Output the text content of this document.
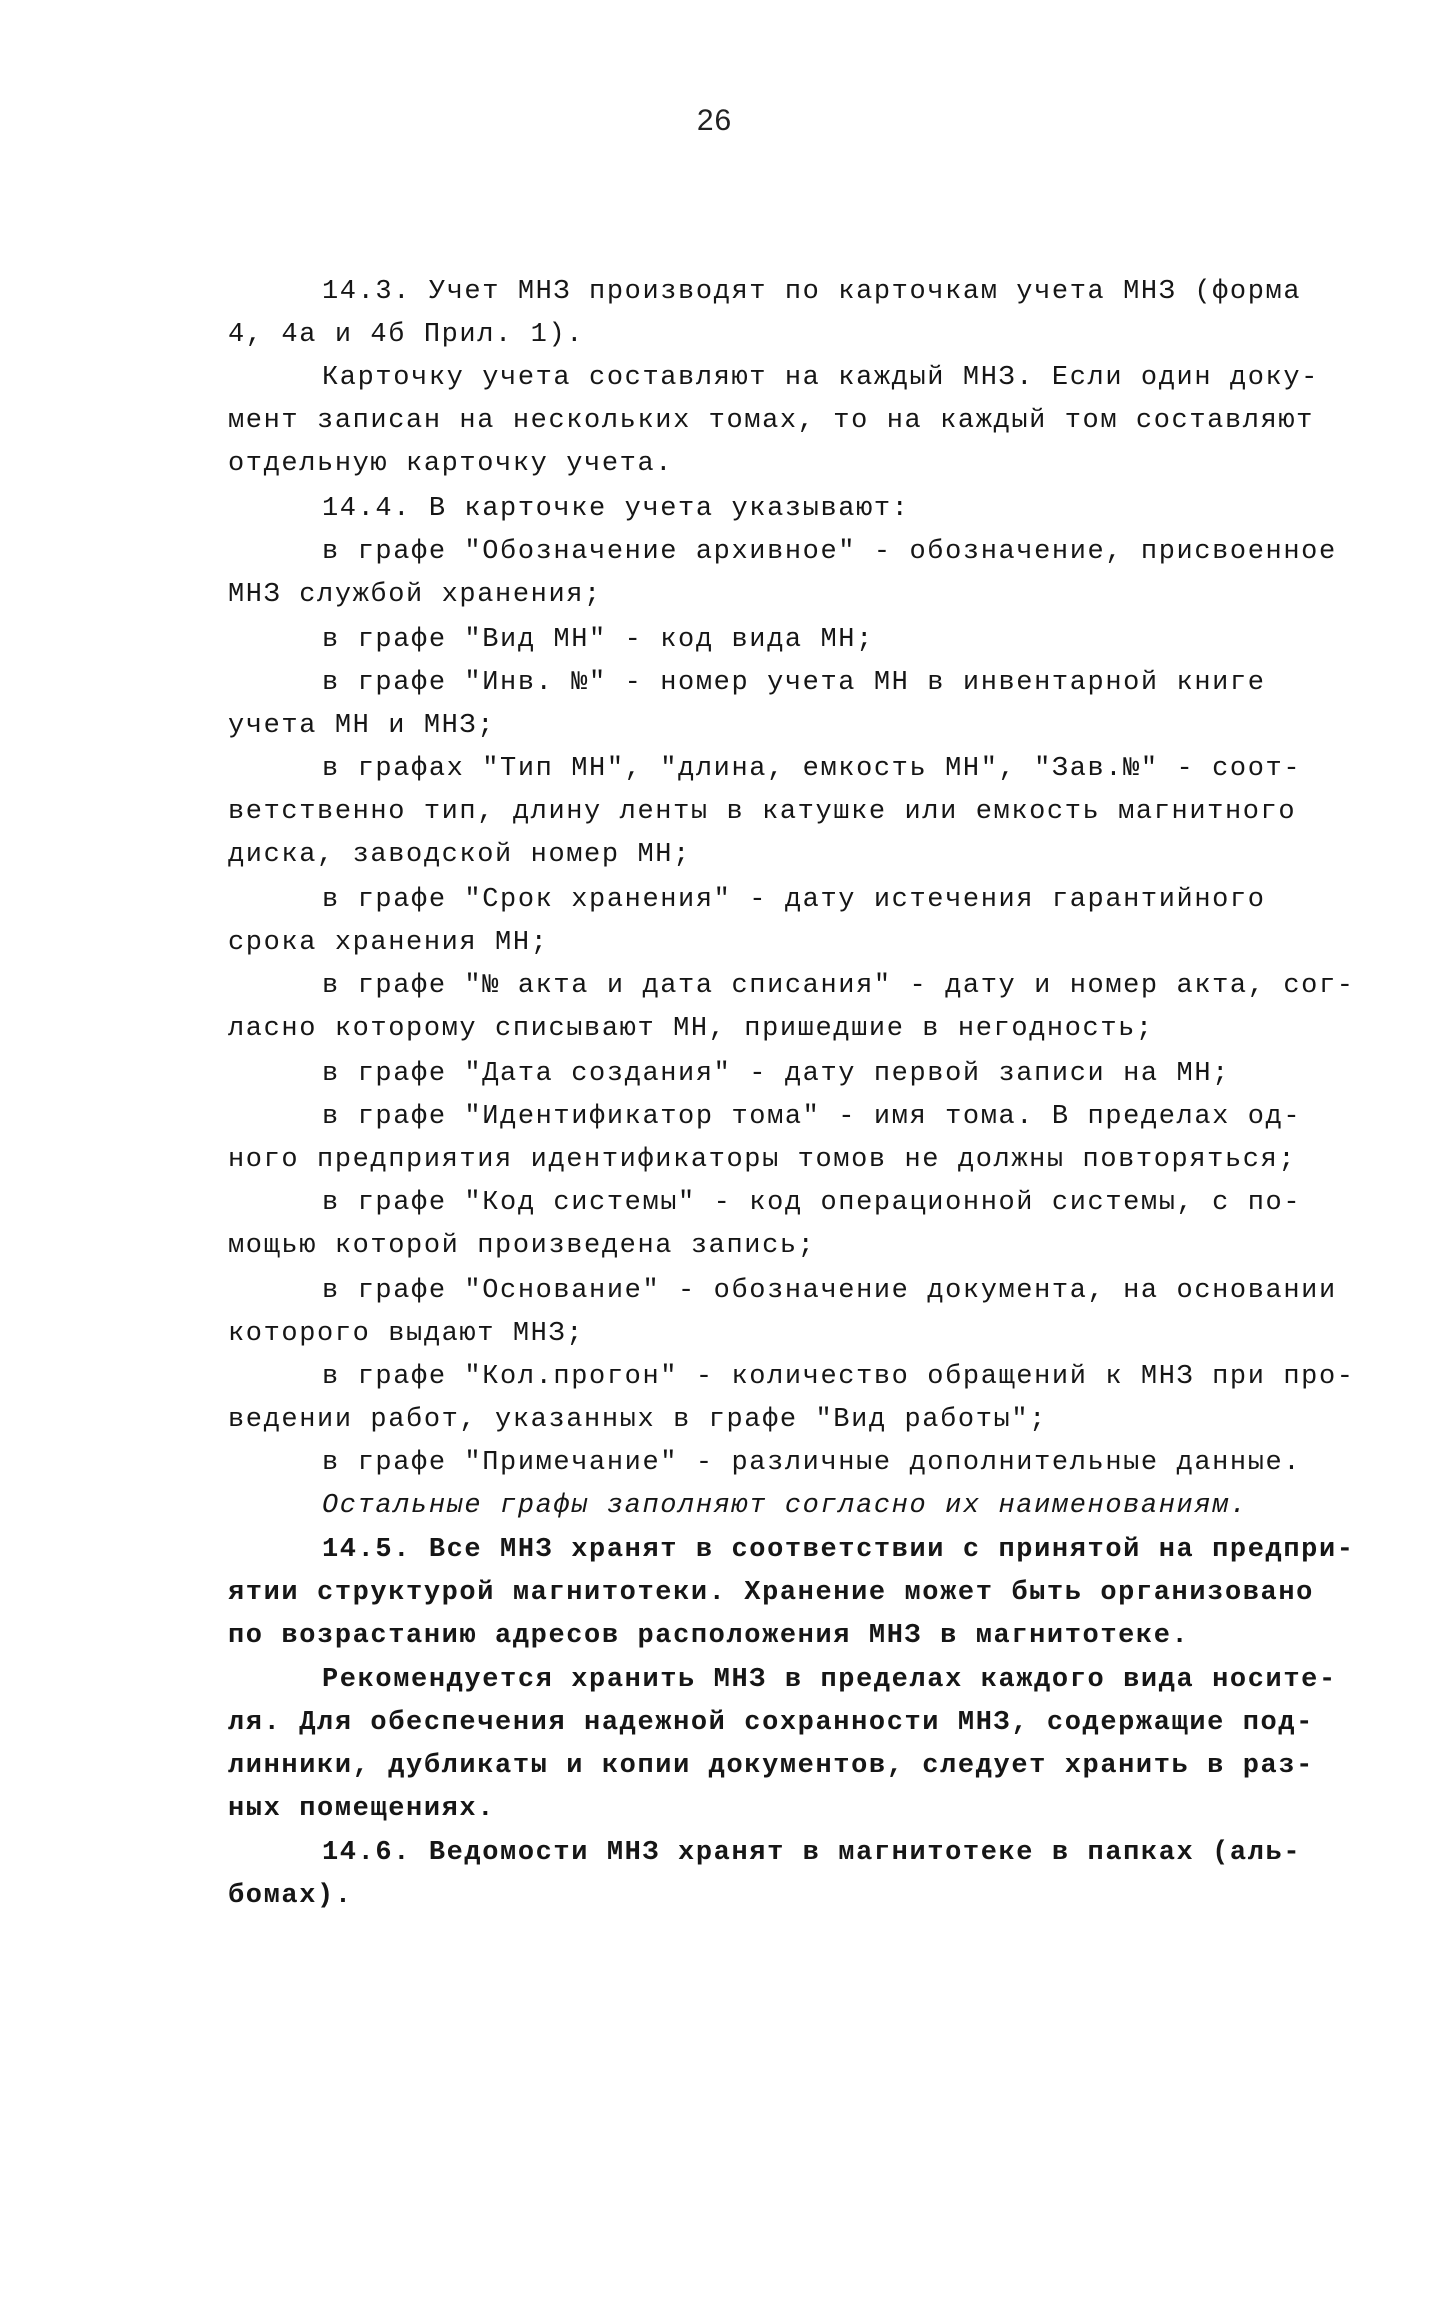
26
14.3. Учет МНЗ производят по карточкам учета МНЗ (форма
4, 4а и 4б Прил. 1).
Карточку учета составляют на каждый МНЗ. Если один доку-
мент записан на нескольких томах, то на каждый том составляют
отдельную карточку учета.
14.4. В карточке учета указывают:
в графе "Обозначение архивное" - обозначение, присвоенное
МНЗ службой хранения;
в графе "Вид МН" - код вида МН;
в графе "Инв. №" - номер учета МН в инвентарной книге
учета МН и МНЗ;
в графах "Тип МН", "длина, емкость МН", "Зав.№" - соот-
ветственно тип, длину ленты в катушке или емкость магнитного
диска, заводской номер МН;
в графе "Срок хранения" - дату истечения гарантийного
срока хранения МН;
в графе "№ акта и дата списания" - дату и номер акта, сог-
ласно которому списывают МН, пришедшие в негодность;
в графе "Дата создания" - дату первой записи на МН;
в графе "Идентификатор тома" - имя тома. В пределах од-
ного предприятия идентификаторы томов не должны повторяться;
в графе "Код системы" - код операционной системы, с по-
мощью которой произведена запись;
в графе "Основание" - обозначение документа, на основании
которого выдают МНЗ;
в графе "Кол.прогон" - количество обращений к МНЗ при про-
ведении работ, указанных в графе "Вид работы";
в графе "Примечание" - различные дополнительные данные.
Остальные графы заполняют согласно их наименованиям.
14.5. Все МНЗ хранят в соответствии с принятой на предпри-
ятии структурой магнитотеки. Хранение может быть организовано
по возрастанию адресов расположения МНЗ в магнитотеке.
Рекомендуется хранить МНЗ в пределах каждого вида носите-
ля. Для обеспечения надежной сохранности МНЗ, содержащие под-
линники, дубликаты и копии документов, следует хранить в раз-
ных помещениях.
14.6. Ведомости МНЗ хранят в магнитотеке в папках (аль-
бомах).
